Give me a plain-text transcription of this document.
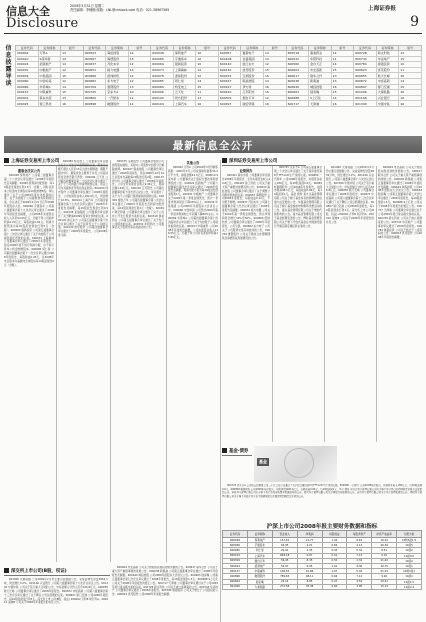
信息大全	2009年3月31日 星期二
责任编辑：李楠楠 邮箱：LNL@cnstock.com 电话：021-38967585	上海证券报
Disclosure	9
信息披露导读
证券代码	证券简称	版号	证券代码	证券简称	版号	证券代码	证券简称	版号	证券代码	证券简称	版号	证券代码	证券简称	版号	证券代码	证券简称	版号
000002	万科A	13	000503	海虹控股	14	600048	保利地产	10	600057	夏新电子	14	600518	康美药业	14	600728	新太科技	12
000010	S深华新	14	000567	海德股份	13	600066	宇通客车	10	600108	亚盛集团	14	600532	华阳科技	11	600743	华远地产	15
000024	招商地产	14	000637	茂化实华	12	600069	银鸽投资	10	600120	浙江东方	12	600560	金自天正	14	600784	鲁银投资	10
000031	中粮地产	12	000651	格力电器	13	600073	上海梅林	12	600130	波导股份	15	600604	市北高新	15	600823	世茂股份	11
000039	中集集团	15	000666	经纬纺机	14	600078	澄星股份	12	600155	宝硕股份	15	600617	联华合纤	10	600855	航天长峰	16
000060	中金岭南	12	000682	东方电子	12	600085	同仁堂	14	600167	联美控股	13	600638	新黄浦	13	600872	中炬高新	14
000069	华侨城A	14	000709	唐钢股份	13	600089	特变电工	15	600197	伊力特	16	600649	城投控股	16	600897	厦门空港	15
000157	中联重科	15	000725	京东方A	10	600096	云天化	11	600220	江苏阳光	15	600663	陆家嘴	15	601006	大秦铁路	16
000401	冀东水泥	13	000800	一汽轿车	12	600100	同方股份	13	600309	烟台万华	12	600688	S上石化	14	601166	兴业银行	16
000425	徐工科技	16	000898	鞍钢股份	11	600104	上海汽车	16	600497	驰宏锌锗	16	600717	天津港	16	601390	中国中铁	16
最新信息全公开
上海证券交易所上市公司	深圳证券交易所上市公司
董事会决议公告

600048 保利地产 公司第二届董事会第二十六次会议审议通过了2008年年度报告及其摘要、2008年度利润分配预案：每10股派发现金红利1.5元（含税），同时以资本公积金向全体股东每10股转增5股；审议通过了关于公司2009年度对外担保的议案、关于为控股子公司提供财务资助的议案。会议决定于2009年4月21日召开2008年度股东大会。600066 宇通客车 公司第六届董事会第十九次会议审议通过了2008年年度报告及摘要，公司2008年实现营业收入人民币64.95亿元，归属于母公司的净利润4.21亿元，每股收益0.84元。利润分配预案为每10股派送现金红利5元（含税）。600069 银鸽投资 公司第五届董事会第十二次会议审议通过了关于向控股子公司提供委托贷款的议案。600073 上海梅林 公司董事会审议通过了2008年年度报告，拟定2008年度不进行利润分配，也不进行资本公积金转增股本。600085 同仁堂 公司第四届董事会第十一次会议审议通过2008年度报告，每股收益0.45元，以2008年末总股本为基数向全体股东每10股派现金2元（含税）。

600089 特变电工 公司董事会审议通过关于公司发行中期票据的议案，拟发行总额不超过人民币15亿元的中期票据，期限不超过5年，募集资金主要用于补充公司流动资金及偿还银行贷款。600096 云天化 公司第四届董事会第二十四次会议审议通过了关于子公司向银行申请贷款的议案，同意公司为其提供连带责任保证担保。600100 同方股份 公司董事会审议通过了2008年度报告，公司实现营业收入182.6亿元，同比增长12.8%。600104 上海汽车 公司第四届董事会第十七次会议审议通过了2008年年度报告及摘要，每10股派发现金红利0.5元。600108 亚盛集团 公司董事会审议通过了关于聘请2009年度审计机构的议案。600120 浙江东方 公司第五届董事会第十次会议审议通过了关于投资设立子公司的议案。600130 波导股份 公司第四届董事会审议通过了2008年年度报告，公司2008年度亏损。

600155 宝硕股份 公司董事会收到公司控股股东通知，其所持公司股份中的部分已解除质押。600167 联美控股 公司董事会审议通过了2008年度报告，拟以2008年12月31日总股本为基数每10股送红股2股。600197 伊力特 公司董事会审议通过了2008年年度报告，公司全年实现营业收入9.36亿元，利润总额1.64亿元。600220 江苏阳光 公司第四届董事会第十四次会议决议公告，审议通过了关于为子公司银行借款提供担保的议案。600309 烟台万华 公司第四届董事会第八次会议审议通过了2008年年度报告及利润分配预案，每10股派现金红利2元（含税）。600497 驰宏锌锗 公司董事会审议通过了关于公司非公开发行股票方案的议案。600518 康美药业 公司第五届董事会审议通过了关于发行公司债券的议案。600532 华阳科技 公司董事会关于股票交易异常波动的公告。

其他公告

000002 万科A 公司2009年3月份销售简报：2009年3月公司实现销售面积54.5万平方米，销售金额42.3亿元。000010 S深华新 公司董事会关于股权分置改革进展情况的公告。000024 招商地产 公司第六届董事会第四次会议审议通过了2008年度报告及摘要，利润分配方案为每10股派发现金股利1元。000031 中粮地产 公司董事会关于2009年第一季度业绩预告，预计一季度净利润同比下降50%以上。000039 中集集团 公司2008年年度股东大会决议公告。000060 中金岭南 公司预计2009年第一季度净利润较上年同期下降80%左右。000069 华侨城A 公司第四届董事会第十四次临时会议审议通过了关于为控股子公司提供担保的议案。000157 中联重科 公司2008年年度报告摘要，公司实现营业收入136.55亿元，归属于母公司所有者的净利润15.86亿元。

业绩预告

000401 冀东水泥 公司董事会审议通过2008年年度报告，全年实现营业收入49.6亿元。000425 徐工科技 公司关于重大资产重组进展情况的公告。000503 海虹控股 公司董事会审议通过了关于调整公司组织机构的议案。000567 海德股份 公司2008年度报告，每股收益0.12元，不分配不转增。000637 茂化实华 公司第七届董事会第十次会议审议通过了2008年度报告及摘要。000651 格力电器 公司关于2009年第一季度业绩预告，预计净利润同比增长30%至50%。000666 经纬纺机 公司董事会审议通过了2008年年度报告，公司亏损。000682 东方电子 公司关于公司股票交易异常波动的公告。000709 唐钢股份 公司关于吸收合并邯郸钢铁及承德钒钛进展情况的公告。

000725 京东方A 公司第五届董事会第二十次会议审议通过了关于投资建设第6代TFT-LCD生产线的议案。000800 一汽轿车 公司2008年度报告，实现营业收入180亿元，每10股派现0.6元。000898 鞍钢股份 公司2008年年度报告，实现净利润48.1亿元，每股收益0.66元，每10股派现1元。基金·债券 易方达基金管理有限公司关于旗下基金持有的停牌股票估值方法变更的公告。华夏基金管理有限公司关于旗下基金参加申购费率优惠活动的公告。嘉实基金管理有限公司关于增加代销机构的公告。南方基金管理有限公司关于基金经理变更的公告。博时基金管理有限公司关于旗下开放式基金在中国建设银行开通定期定额投资业务的公告。

601006 大秦铁路 公司2009年2月份主要运营数据公告，完成货物发送量4856万吨，同比增长3.2%。601166 兴业银行 公司第六届董事会第十六次会议决议公告。601390 中国中铁 公司关于签订重大合同的公告，中标金额合计约人民币326.8亿元。600855 航天长峰 公司董事会审议通过了2008年度报告。600872 中炬高新 公司第六届董事会第十三次会议审议通过了关于聘任公司总经理的议案。600897 厦门空港 公司2008年度报告，每10股派现金红利3元。深交所上市公司(B股、权证) 200002 万科B 同万科A。200012 南玻B 公司关于2008年年度报告的补充公告。

600604 市北高新 公司关于控股股东股权划转进展的公告。600617 联华合纤 公司关于重大资产重组事项的进展公告。600638 新黄浦 公司第五届董事会审议通过了2008年年度报告及摘要。600649 城投控股 公司2008年度股东大会决议公告。600663 陆家嘴 公司第五届董事会第七次会议审议通过了2008年度报告，每10股派现金1.5元。600688 S上石化 公司关于2008年年度报告的更正公告。600717 天津港 公司董事会审议通过关于公司2009年度日常关联交易的议案。600728 新太科技 公司关于被立案调查的公告。600743 华远地产 公司董事会审议通过了2008年度报告。600784 鲁银投资 公司关于转让子公司股权的公告。600823 世茂股份 公司2008年年度报告摘要。

基金·债券
基金

000725 京东方A 公司第五届董事会第二十次会议审议通过了关于投资建设第6代TFT-LCD生产线的议案。000800 一汽轿车 公司2008年度报告，实现营业收入180亿元，每10股派现0.6元。000898 鞍钢股份 公司2008年年度报告，实现净利润48.1亿元，每股收益0.66元，每10股派现1元。基金·债券 易方达基金管理有限公司关于旗下基金持有的停牌股票估值方法变更的公告。华夏基金管理有限公司关于旗下基金参加申购费率优惠活动的公告。嘉实基金管理有限公司关于增加代销机构的公告。南方基金管理有限公司关于基金经理变更的公告。博时基金管理有限公司关于旗下开放式基金在中国建设银行开通定期定额投资业务的公告。

深交所上市公司(B股、权证)

601006 大秦铁路 公司2009年2月份主要运营数据公告，完成货物发送量4856万吨，同比增长3.2%。601166 兴业银行 公司第六届董事会第十六次会议决议公告。601390 中国中铁 公司关于签订重大合同的公告，中标金额合计约人民币326.8亿元。600855 航天长峰 公司董事会审议通过了2008年度报告。600872 中炬高新 公司第六届董事会第十三次会议审议通过了关于聘任公司总经理的议案。600897 厦门空港 公司2008年度报告，每10股派现金红利3元。深交所上市公司(B股、权证) 200002 万科B 同万科A。200012 南玻B 公司关于2008年年度报告的补充公告。

600604 市北高新 公司关于控股股东股权划转进展的公告。600617 联华合纤 公司关于重大资产重组事项的进展公告。600638 新黄浦 公司第五届董事会审议通过了2008年年度报告及摘要。600649 城投控股 公司2008年度股东大会决议公告。600663 陆家嘴 公司第五届董事会第七次会议审议通过了2008年度报告，每10股派现金1.5元。600688 S上石化 公司关于2008年年度报告的更正公告。600717 天津港 公司董事会审议通过关于公司2009年度日常关联交易的议案。600728 新太科技 公司关于被立案调查的公告。600743 华远地产 公司董事会审议通过了2008年度报告。600784 鲁银投资 公司关于转让子公司股权的公告。600823 世茂股份 公司2008年年度报告摘要。

沪深上市公司2008年报主要财务数据和指标
证券代码	证券简称	营业收入	净利润	每股收益	每股净资产	净资产收益率	分配方案
600048	保利地产	151.81	21.77	1.42	8.63	16.43	10转5派1.5
600066	宇通客车	64.95	4.21	0.84	4.12	20.39	10派5
600085	同仁堂	29.41	2.35	0.45	5.32	8.51	10派2
600104	上海汽车	848.18	0.67	0.01	7.13	0.10	10派0.5
600309	烟台万华	59.45	8.35	0.50	2.34	21.42	10派2
000024	招商地产	52.07	6.95	1.01	9.36	10.75	10派1
000157	中联重科	136.55	15.86	1.07	5.04	21.25	10转3派1
000898	鞍钢股份	789.65	48.11	0.66	7.12	9.26	10派1
600663	陆家嘴	22.14	8.85	0.47	4.52	10.41	10派1.5
601006	大秦铁路	272.58	78.38	0.60	3.95	15.13	10派2.4
